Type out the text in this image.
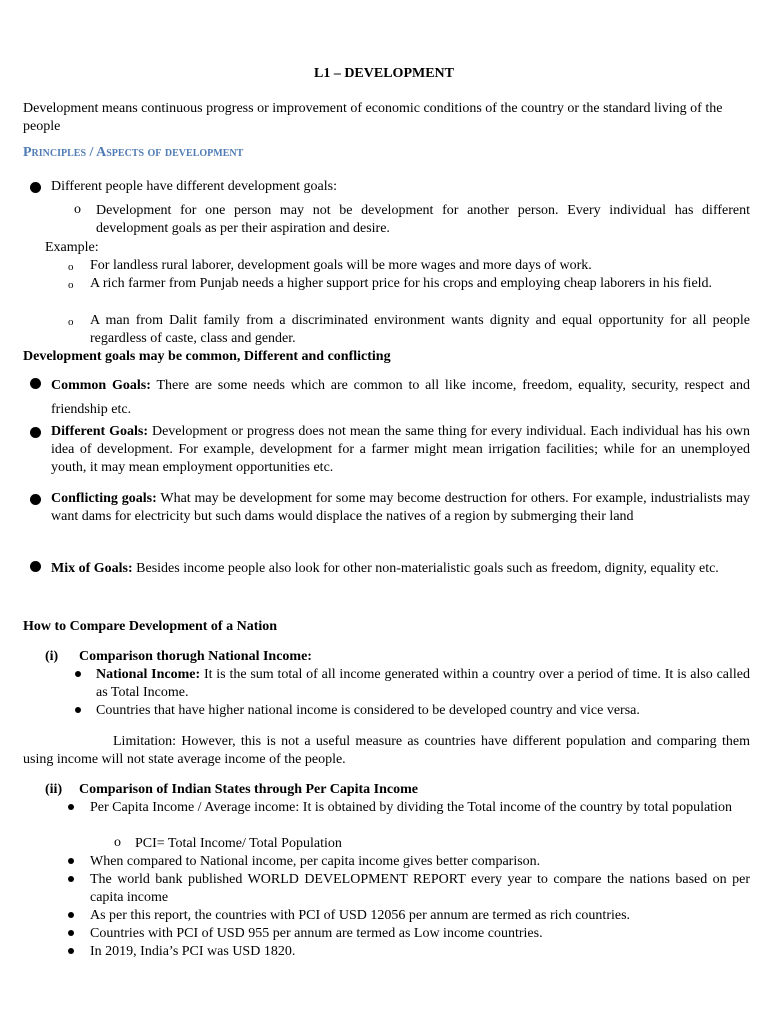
L1 – DEVELOPMENT
Development means continuous progress or improvement of economic conditions of the country or the standard living of the people
Principles / Aspects of development
Different people have different development goals:
o Development for one person may not be development for another person. Every individual has different development goals as per their aspiration and desire.
Example:
o For landless rural laborer, development goals will be more wages and more days of work.
o A rich farmer from Punjab needs a higher support price for his crops and employing cheap laborers in his field.
o A man from Dalit family from a discriminated environment wants dignity and equal opportunity for all people regardless of caste, class and gender.
Development goals may be common, Different and conflicting
Common Goals: There are some needs which are common to all like income, freedom, equality, security, respect and friendship etc.
Different Goals: Development or progress does not mean the same thing for every individual. Each individual has his own idea of development. For example, development for a farmer might mean irrigation facilities; while for an unemployed youth, it may mean employment opportunities etc.
Conflicting goals: What may be development for some may become destruction for others. For example, industrialists may want dams for electricity but such dams would displace the natives of a region by submerging their land
Mix of Goals: Besides income people also look for other non-materialistic goals such as freedom, dignity, equality etc.
How to Compare Development of a Nation
(i) Comparison thorugh National Income:
National Income: It is the sum total of all income generated within a country over a period of time. It is also called as Total Income.
Countries that have higher national income is considered to be developed country and vice versa.
Limitation: However, this is not a useful measure as countries have different population and comparing them using income will not state average income of the people.
(ii) Comparison of Indian States through Per Capita Income
Per Capita Income / Average income: It is obtained by dividing the Total income of the country by total population
o PCI= Total Income/ Total Population
When compared to National income, per capita income gives better comparison.
The world bank published WORLD DEVELOPMENT REPORT every year to compare the nations based on per capita income
As per this report, the countries with PCI of USD 12056 per annum are termed as rich countries.
Countries with PCI of USD 955 per annum are termed as Low income countries.
In 2019, India’s PCI was USD 1820.
